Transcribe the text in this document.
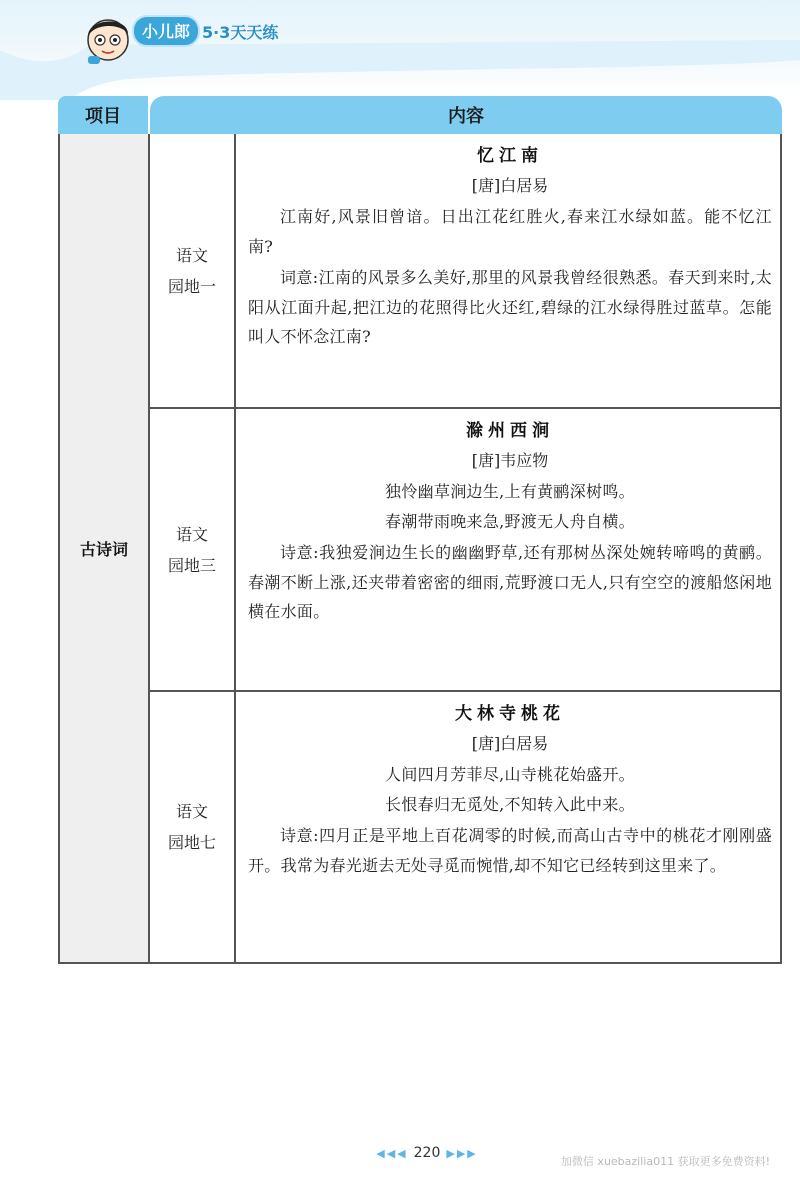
小儿郎 5·3天天练
项目	内容
古诗词
语文
园地一
忆江南
[唐]白居易
江南好,风景旧曾谙。日出江花红胜火,春来江水绿如蓝。能不忆江南?
词意:江南的风景多么美好,那里的风景我曾经很熟悉。春天到来时,太阳从江面升起,把江边的花照得比火还红,碧绿的江水绿得胜过蓝草。怎能叫人不怀念江南?
语文
园地三
滁州西涧
[唐]韦应物
独怜幽草涧边生,上有黄鹂深树鸣。
春潮带雨晚来急,野渡无人舟自横。
诗意:我独爱涧边生长的幽幽野草,还有那树丛深处婉转啼鸣的黄鹂。春潮不断上涨,还夹带着密密的细雨,荒野渡口无人,只有空空的渡船悠闲地横在水面。
语文
园地七
大林寺桃花
[唐]白居易
人间四月芳菲尽,山寺桃花始盛开。
长恨春归无觅处,不知转入此中来。
诗意:四月正是平地上百花凋零的时候,而高山古寺中的桃花才刚刚盛开。我常为春光逝去无处寻觅而惋惜,却不知它已经转到这里来了。
◀◀◀ 220 ▶▶▶
加微信 xuebazilia011 获取更多免费资料!
